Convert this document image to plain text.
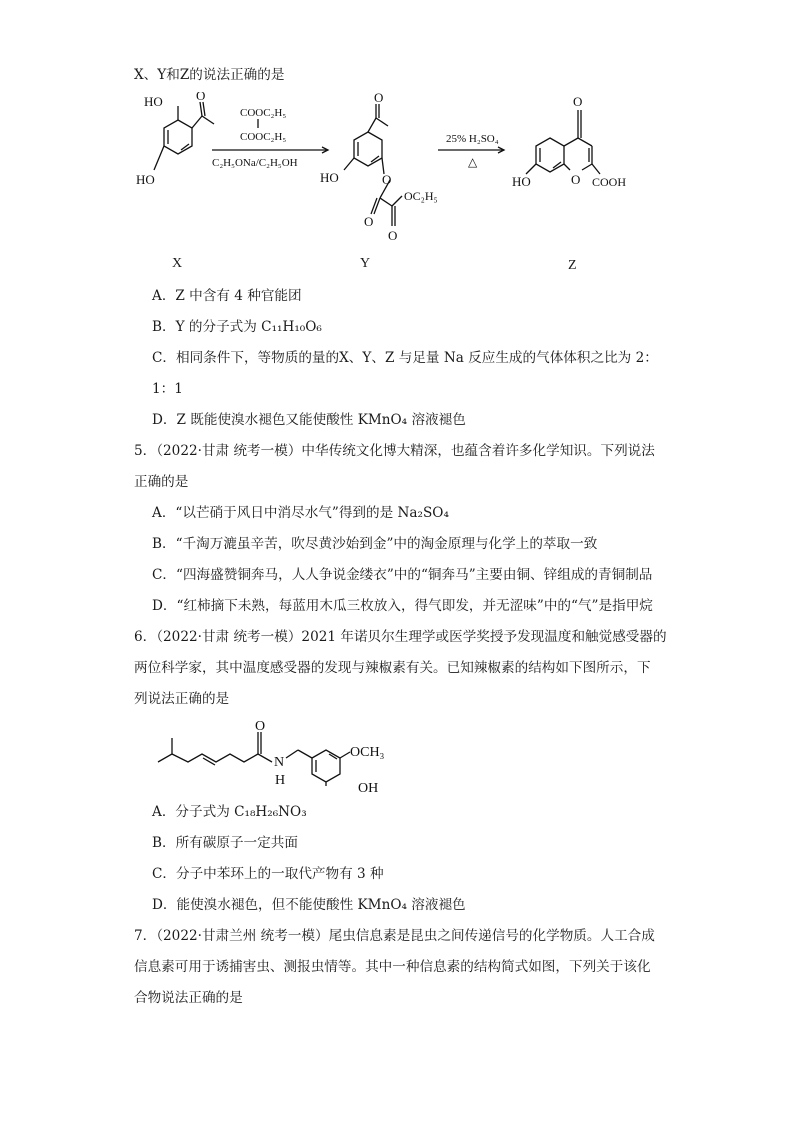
X、Y和Z的说法正确的是
HO	O
HO
COOC₂H₅
COOC₂H₅
C₂H₅ONa/C₂H₅OH
O
HO	O
OC₂H₅
O
O
25% H₂SO₄
△
O
HO	O COOH
X	Y	Z
A．Z 中含有 4 种官能团
B．Y 的分子式为 C₁₁H₁₀O₆
C．相同条件下，等物质的量的X、Y、Z 与足量 Na 反应生成的气体体积之比为 2：
1：1
D．Z 既能使溴水褪色又能使酸性 KMnO₄ 溶液褪色
5．（2022·甘肃 统考一模）中华传统文化博大精深，也蕴含着许多化学知识。下列说法
正确的是
A．“以芒硝于风日中消尽水气”得到的是 Na₂SO₄
B．“千淘万漉虽辛苦，吹尽黄沙始到金”中的淘金原理与化学上的萃取一致
C．“四海盛赞铜奔马，人人争说金缕衣”中的“铜奔马”主要由铜、锌组成的青铜制品
D．“红柿摘下未熟，每蓝用木瓜三枚放入，得气即发，并无涩味”中的“气”是指甲烷
6．（2022·甘肃 统考一模）2021 年诺贝尔生理学或医学奖授予发现温度和触觉感受器的
两位科学家，其中温度感受器的发现与辣椒素有关。已知辣椒素的结构如下图所示，下
列说法正确的是
O
N
H
OCH₃
OH
A．分子式为 C₁₈H₂₆NO₃
B．所有碳原子一定共面
C．分子中苯环上的一取代产物有 3 种
D．能使溴水褪色，但不能使酸性 KMnO₄ 溶液褪色
7．（2022·甘肃兰州 统考一模）尾虫信息素是昆虫之间传递信号的化学物质。人工合成
信息素可用于诱捕害虫、测报虫情等。其中一种信息素的结构简式如图，下列关于该化
合物说法正确的是
